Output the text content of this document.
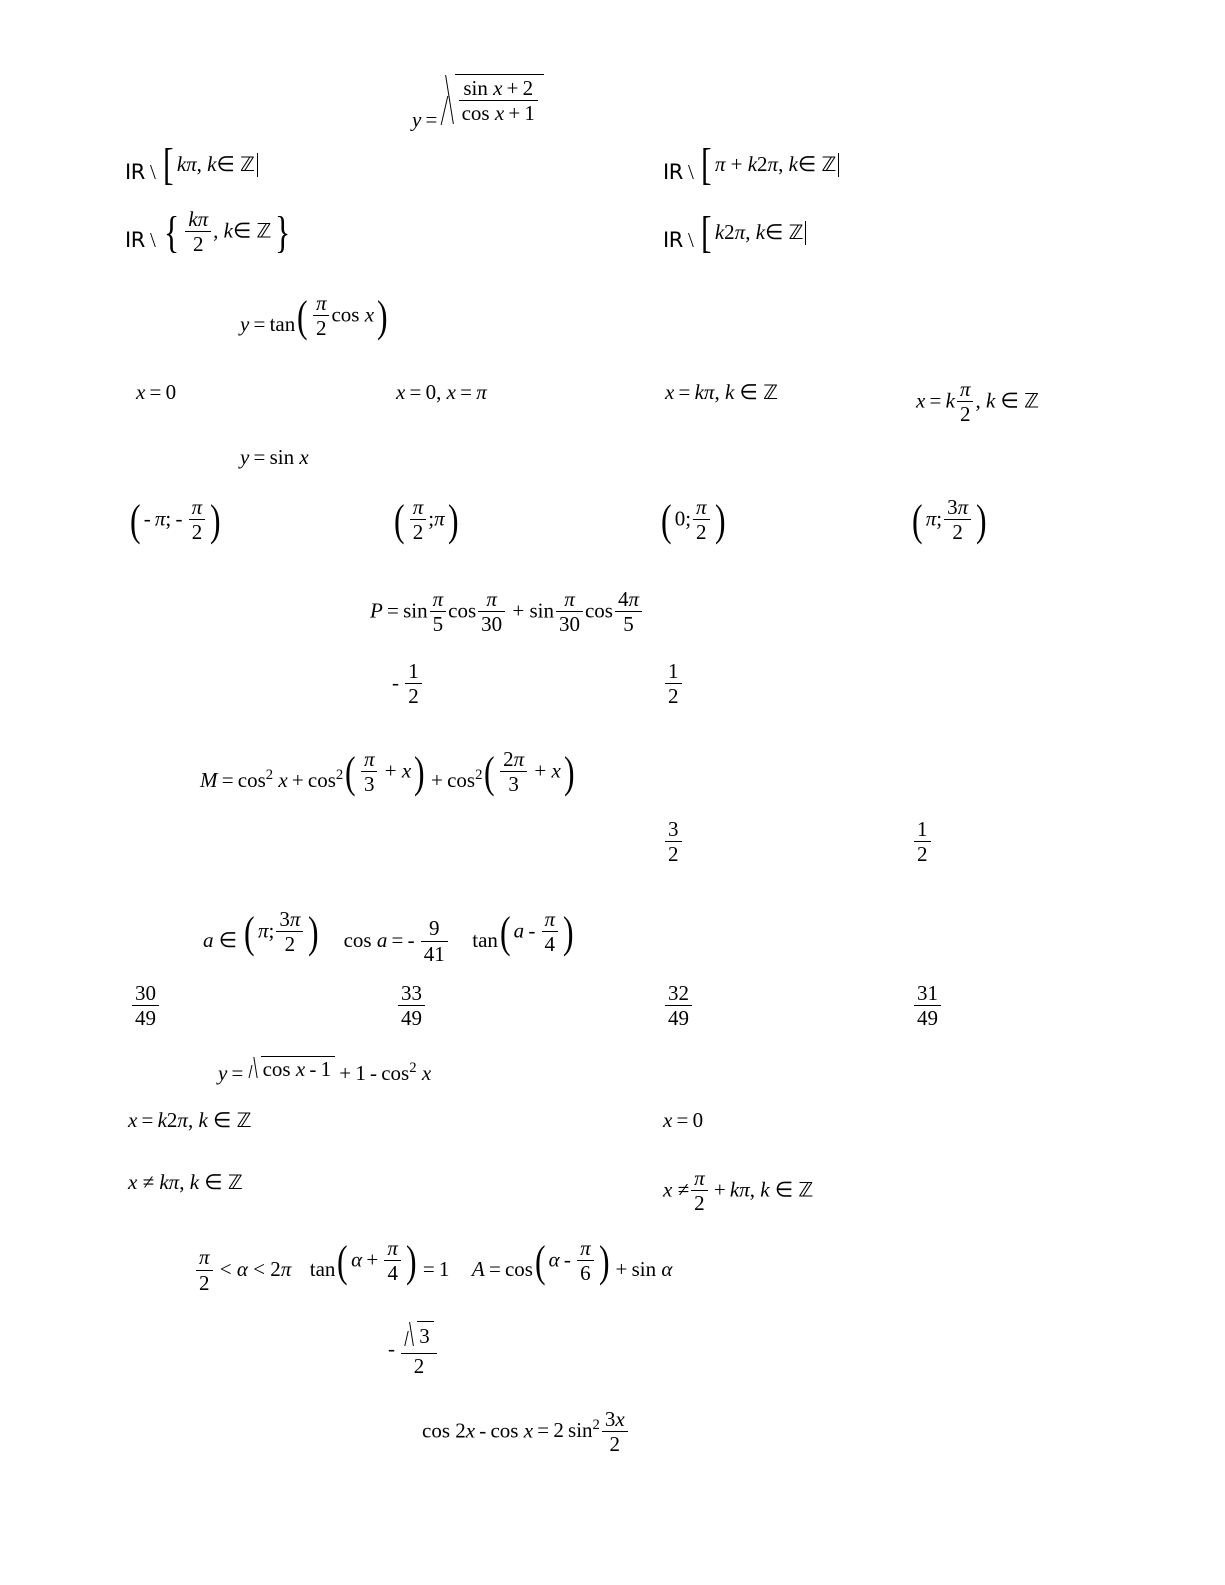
$y = \frac{\text{sin x + 2}}{\text{cos x + 1}}$
IR \ [ kπ, k∈ ℤ	IR \ [ π + k2π, k∈ ℤ
IR \ { $\frac{k\pi}{2}$ , k∈ ℤ }	IR \ [ k2π, k∈ ℤ
y = tan ( $\frac{\pi}{2}$ cos x )
x = 0	x = 0, x = π	x = kπ, k ∈ ℤ	x = k $\frac{\pi}{2}$ , k ∈ ℤ
y = sin x
( - π; -  $\frac{\pi}{2}$ )	( $\frac{\pi}{2}$ ;π )	( 0; $\frac{\pi}{2}$ )	( π; $\frac{3\pi}{2}$ )
$P = \sin \frac{\pi}{5}$ $\cos \frac{\pi}{30} + \sin \frac{\pi}{30}$ $\cos \frac{4\pi}{5}$
-  $\frac{1}{2}$	$\frac{1}{2}$
$M = \cos^2 x + \cos^2$ ( $\frac{\pi}{3} + x$ )  + $\cos^2$ ( $\frac{2\pi}{3} + x$ )
$\frac{3}{2}$	$\frac{1}{2}$
a ∈ ( π; $\frac{3\pi}{2}$ ) cos a = -  $\frac{9}{41}$ tan ( a -  $\frac{\pi}{4}$ )
$\frac{30}{49}$	$\frac{33}{49}$	$\frac{32}{49}$	$\frac{31}{49}$
$y = \cos x - 1 + 1 - \cos^2 x$
x = k2π, k ∈ ℤ	x = 0
x ≠ kπ, k ∈ ℤ	$x \ne \frac{\pi}{2} + k\pi$, k ∈ ℤ
$\frac{\pi}{2} < \alpha < 2\pi$ tan ( $\alpha + \frac{\pi}{4}$ )  = 1 A = cos ( α -  $\frac{\pi}{6}$ )  + sin α
-  $\frac{3}{2}$
cos 2x - cos x = 2 $\sin^2 \frac{3x}{2}$
